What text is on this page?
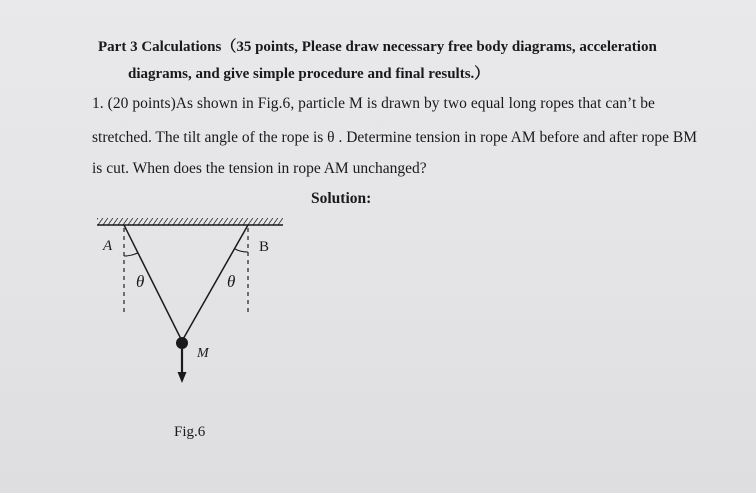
Part 3 Calculations（35 points, Please draw necessary free body diagrams, acceleration
diagrams, and give simple procedure and final results.）
1. (20 points)As shown in Fig.6, particle M is drawn by two equal long ropes that can’t be
stretched. The tilt angle of the rope is θ . Determine tension in rope AM before and after rope BM
is cut. When does the tension in rope AM unchanged?
Solution:
A	B
M
θ	θ
Fig.6
